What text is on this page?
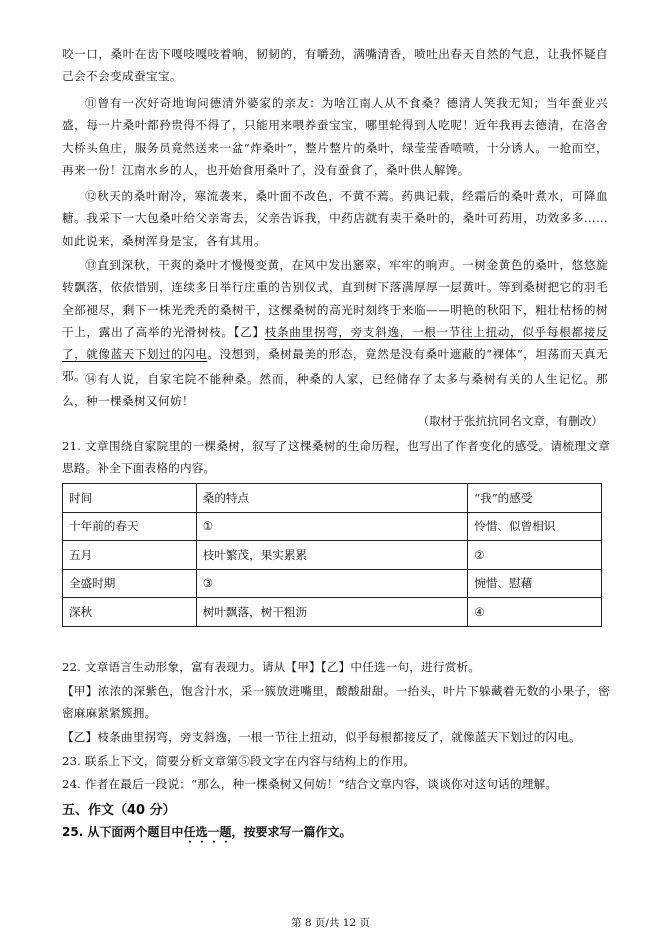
咬一口，桑叶在齿下嘎吱嘎吱着响，韧韧的，有嚼劲，满嘴清香，喷吐出春天自然的气息，让我怀疑自己会不会变成蚕宝宝。
⑪曾有一次好奇地询问德清外婆家的亲友：为啥江南人从不食桑？德清人笑我无知；当年蚕业兴盛，每一片桑叶都矜贵得不得了，只能用来喂养蚕宝宝，哪里轮得到人吃呢！近年我再去德清，在洛舍大桥头鱼庄，服务员竟然送来一盆“炸桑叶”，整片整片的桑叶，绿莹莹香喷喷，十分诱人。一抢而空，再来一份！江南水乡的人，也开始食用桑叶了，没有蚕食了，桑叶供人解馋。
⑫秋天的桑叶耐冷，寒流袭来，桑叶面不改色，不黄不蔫。药典记载，经霜后的桑叶煮水，可降血糖。我采下一大包桑叶给父亲寄去，父亲告诉我，中药店就有卖干桑叶的，桑叶可药用，功效多多……如此说来，桑树浑身是宝，各有其用。
⑬直到深秋，干爽的桑叶才慢慢变黄，在风中发出窸窣，牢牢的响声。一树金黄色的桑叶，悠悠旋转飘落，依依惜别，连续多日举行庄重的告别仪式，直到树下落满厚厚一层黄叶。等到桑树把它的羽毛全部褪尽，剩下一株光秃秃的桑树干，这棵桑树的高光时刻终于来临——明艳的秋阳下，粗壮枯杨的树干上，露出了高举的光滑树枝。【乙】枝条曲里拐弯，旁支斜逸，一根一节往上扭动，似乎每根都接反了，就像蓝天下划过的闪电。没想到，桑树最美的形态，竟然是没有桑叶遮蔽的“裸体”，坦荡而天真无邪。 ⑭有人说，自家宅院不能种桑。然而，种桑的人家，已经储存了太多与桑树有关的人生记忆。那么，种一棵桑树又何妨！
（取材于张抗抗同名文章，有删改）
21. 文章围绕自家院里的一棵桑树，叙写了这棵桑树的生命历程，也写出了作者变化的感受。请梳理文章思路。补全下面表格的内容。
时间	桑的特点	“我”的感受
十年前的春天	①	怜惜、似曾相识
五月	枝叶繁茂，果实累累	②
全盛时期	③	惋惜、慰藉
深秋	树叶飘落，树干粗沥	④
22. 文章语言生动形象，富有表现力。请从【甲】【乙】中任选一句，进行赏析。
【甲】浓浓的深紫色，饱含汁水，采一簇放进嘴里，酸酸甜甜。一抬头，叶片下躲藏着无数的小果子，密密麻麻紧紧簇拥。
【乙】枝条曲里拐弯，旁支斜逸，一根一节往上扭动，似乎每根都接反了，就像蓝天下划过的闪电。
23. 联系上下文，简要分析文章第⑤段文字在内容与结构上的作用。
24. 作者在最后一段说：“那么，种一棵桑树又何妨！”结合文章内容，谈谈你对这句话的理解。
五、作文（40 分）
25. 从下面两个题目中任选一题，按要求写一篇作文。
第 8 页/共 12 页
